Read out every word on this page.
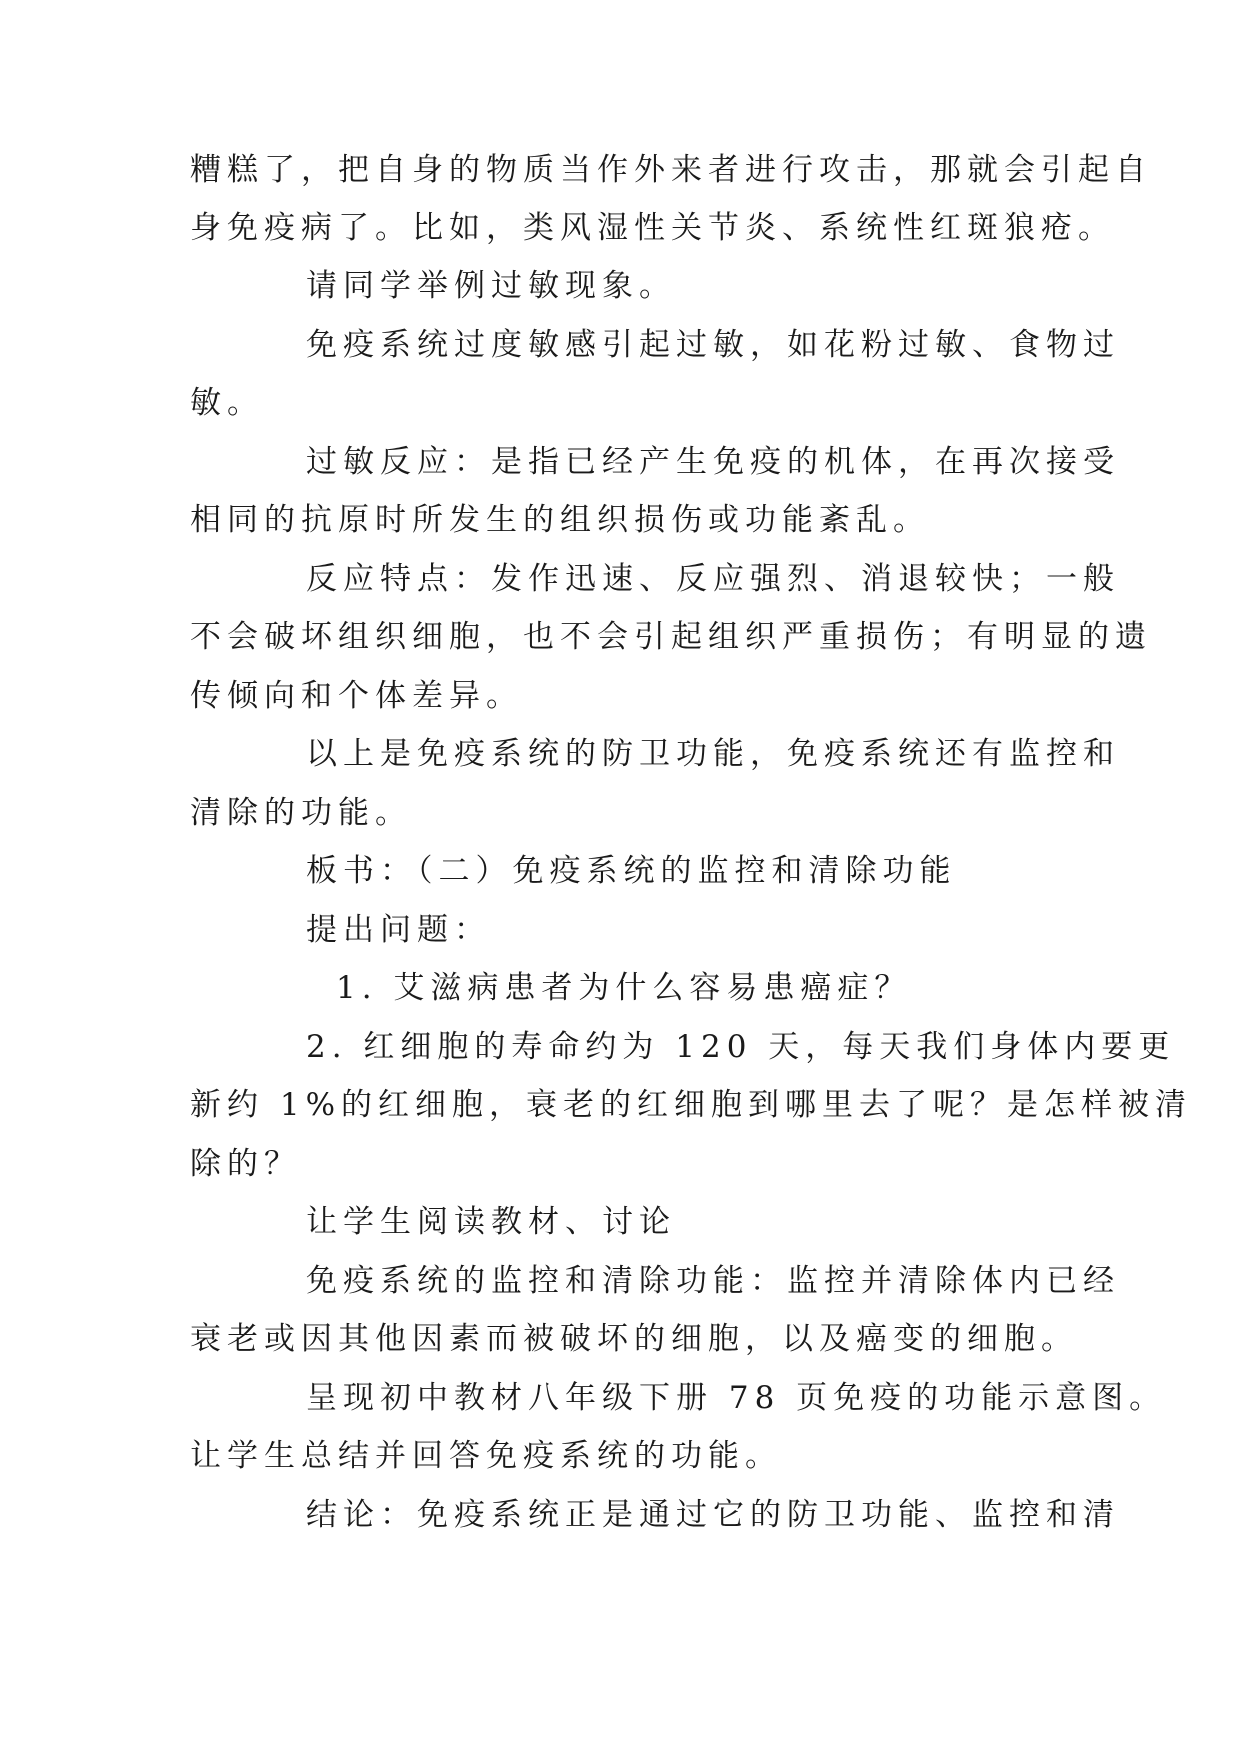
糟糕了，把自身的物质当作外来者进行攻击，那就会引起自
身免疫病了。比如，类风湿性关节炎、系统性红斑狼疮。
请同学举例过敏现象。
免疫系统过度敏感引起过敏，如花粉过敏、食物过
敏。
过敏反应：是指已经产生免疫的机体，在再次接受
相同的抗原时所发生的组织损伤或功能紊乱。
反应特点：发作迅速、反应强烈、消退较快；一般
不会破坏组织细胞，也不会引起组织严重损伤；有明显的遗
传倾向和个体差异。
以上是免疫系统的防卫功能，免疫系统还有监控和
清除的功能。
板书：（二）免疫系统的监控和清除功能
提出问题：
1. 艾滋病患者为什么容易患癌症？
2. 红细胞的寿命约为 120 天，每天我们身体内要更
新约 1%的红细胞，衰老的红细胞到哪里去了呢？是怎样被清
除的？
让学生阅读教材、讨论
免疫系统的监控和清除功能：监控并清除体内已经
衰老或因其他因素而被破坏的细胞，以及癌变的细胞。
呈现初中教材八年级下册 78 页免疫的功能示意图。
让学生总结并回答免疫系统的功能。
结论：免疫系统正是通过它的防卫功能、监控和清
